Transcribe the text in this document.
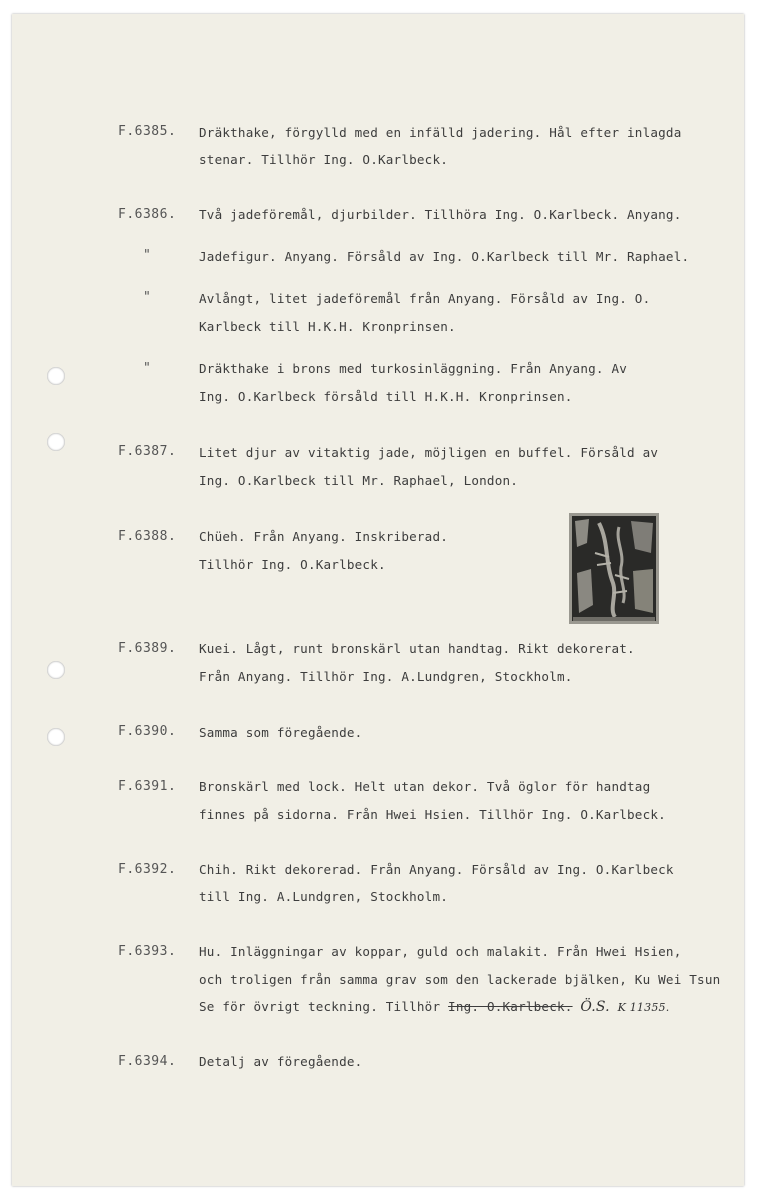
F.6385.	Dräkthake, förgylld med en infälld jadering. Hål efter inlagda
stenar. Tillhör Ing. O.Karlbeck.
F.6386.	Två jadeföremål, djurbilder. Tillhöra Ing. O.Karlbeck. Anyang.
"	Jadefigur. Anyang. Försåld av Ing. O.Karlbeck till Mr. Raphael.
"	Avlångt, litet jadeföremål från Anyang. Försåld av Ing. O.
Karlbeck till H.K.H. Kronprinsen.
"	Dräkthake i brons med turkosinläggning. Från Anyang. Av
Ing. O.Karlbeck försåld till H.K.H. Kronprinsen.
F.6387.	Litet djur av vitaktig jade, möjligen en buffel. Försåld av
Ing. O.Karlbeck till Mr. Raphael, London.
F.6388.	Chüeh. Från Anyang. Inskriberad.
Tillhör Ing. O.Karlbeck.
F.6389.	Kuei. Lågt, runt bronskärl utan handtag. Rikt dekorerat.
Från Anyang. Tillhör Ing. A.Lundgren, Stockholm.
F.6390.	Samma som föregående.
F.6391.	Bronskärl med lock. Helt utan dekor. Två öglor för handtag
finnes på sidorna. Från Hwei Hsien. Tillhör Ing. O.Karlbeck.
F.6392.	Chih. Rikt dekorerad. Från Anyang. Försåld av Ing. O.Karlbeck
till Ing. A.Lundgren, Stockholm.
F.6393.	Hu. Inläggningar av koppar, guld och malakit. Från Hwei Hsien,
och troligen från samma grav som den lackerade bjälken, Ku Wei Tsun
Se för övrigt teckning. Tillhör Ing. O.Karlbeck. Ö.S. K 11355.
F.6394.	Detalj av föregående.
